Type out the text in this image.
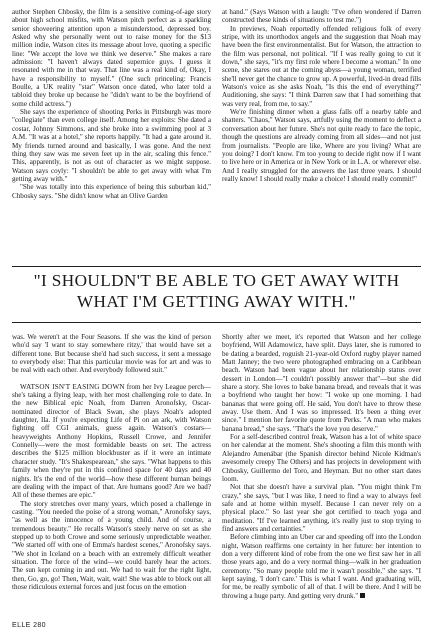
author Stephen Chbosky, the film is a sensitive coming-of-age story about high school misfits, with Watson pitch perfect as a sparkling senior shoveering attention upon a misunderstood, depressed boy. Asked why she personally went out to raise money for the $13 million indie, Watson cites its message about love, quoting a specific line: "We accept the love we think we deserve." She makes a rare admission: "I haven't always dated supernice guys. I guess it resonated with me in that way. That line was a real kind of, Okay, I have a responsibility to myself." (One such princeling: Francis Boulle, a UK reality "star" Watson once dated, who later told a tabloid they broke up because he "didn't want to be the boyfriend of some child actress.")

She says the experience of shooting Perks in Pittsburgh was more "collegiate" than even college itself. Among her exploits: She dated a costar, Johnny Simmons, and she broke into a swimming pool at 3 A.M. "It was at a hotel," she reports happily. "It had a gate around it. My friends turned around and basically, I was gone. And the next thing they saw was me seven feet up in the air, scaling this fence." This, apparently, is not as out of character as we might suppose. Watson says coyly: "I shouldn't be able to get away with what I'm getting away with."

"She was totally into this experience of being this suburban kid," Chbosky says. "She didn't know what an Olive Garden

at hand." (Says Watson with a laugh: "I've often wondered if Darren constructed these kinds of situations to test me.")

In previews, Noah reportedly offended religious folk of every stripe, with its unorthodox angels and the suggestion that Noah may have been the first environmentalist. But for Watson, the attraction to the film was personal, not political. "If I was really going to cut it down," she says, "it's my first role where I become a woman." In one scene, she stares out at the coming abyss—a young woman, terrified she'll never get the chance to grow up. A powerful, lived-in dread fills Watson's voice as she asks Noah, "Is this the end of everything?" Auditioning, she says: "I think Darren saw that I had something that was very real, from me, to say."

We're finishing dinner when a glass falls off a nearby table and shatters. "Chaos," Watson says, artfully using the moment to deflect a conversation about her future. She's not quite ready to face the topic, though the questions are already coming from all sides—and not just from journalists. "People are like, Where are you living? What are you doing? I don't know. I'm too young to decide right now if I want to live here or in America or in New York or in L.A. or wherever else. And I really struggled for the answers the last three years. I should really know! I should really make a choice! I should really commit!"

"I SHOULDN'T BE ABLE TO GET AWAY WITH WHAT I'M GETTING AWAY WITH."

was. We weren't at the Four Seasons. If she was the kind of person who'd say 'I want to stay somewhere ritzy,' that would have set a different tone. But because she'd had such success, it sent a message to everybody else: That this particular movie was for art and was to be real with each other. And everybody followed suit."

WATSON ISN'T EASING DOWN from her Ivy League perch—she's taking a flying leap, with her most challenging role to date. In the new Biblical epic Noah, from Darren Aronofsky, Oscar-nominated director of Black Swan, she plays Noah's adopted daughter, Ila. If you're expecting Life of Pi on an ark, with Watson fighting off CGI animals, guess again. Watson's costars—heavyweights Anthony Hopkins, Russell Crowe, and Jennifer Connelly—were the most formidable beasts on set. The actress describes the $125 million blockbuster as if it were an intimate character study. "It's Shakespearean," she says. "What happens to this family when they're put in this confined space for 40 days and 40 nights. It's the end of the world—how these different human beings are dealing with the impact of that. Are humans good? Are we bad? All of these themes are epic."

The story stretches over many years, which posed a challenge in casting. "You needed the poise of a strong woman," Aronofsky says, "as well as the innocence of a young child. And of course, a tremendous beauty." He recalls Watson's steely nerve on set as she stepped up to both Crowe and some seriously unpredictable weather. "We started off with one of Emma's hardest scenes," Aronofsky says. "We shot in Iceland on a beach with an extremely difficult weather situation. The force of the wind—we could barely hear the actors. The sun kept coming in and out. We had to wait for the right light, then, Go, go, go! Then, Wait, wait, wait! She was able to block out all those ridiculous external forces and just focus on the emotion

Shortly after we meet, it's reported that Watson and her college boyfriend, Will Adamowicz, have split. Days later, she is rumored to be dating a bearded, roguish 21-year-old Oxford rugby player named Matt Janney; the two were photographed embracing on a Caribbean beach. Watson had been vague about her relationship status over dessert in London—"I couldn't possibly answer that"—but she did share a story. She loves to bake banana bread, and reveals that it was a boyfriend who taught her how: "I woke up one morning. I had bananas that were going off. He said, You don't have to throw these away. Use them. And I was so impressed. It's been a thing ever since." I mention her favorite quote from Perks. "A man who makes banana bread," she says. "That's the love you deserve."

For a self-described control freak, Watson has a lot of white space on her calendar at the moment. She's shooting a film this month with Alejandro Amenábar (the Spanish director behind Nicole Kidman's awesomely creepy The Others) and has projects in development with Chbosky, Guillermo del Toro, and Heyman. But no other start dates loom.

Not that she doesn't have a survival plan. "You might think I'm crazy," she says, "but I was like, I need to find a way to always feel safe and at home within myself. Because I can never rely on a physical place." So last year she got certified to teach yoga and meditation. "If I've learned anything, it's really just to stop trying to find answers and certainties."

Before climbing into an Uber car and speeding off into the London night, Watson reaffirms one certainty in her future: her intention to don a very different kind of robe from the one we first saw her in all those years ago, and do a very normal thing—walk in her graduation ceremony. "So many people told me it wasn't possible," she says. "I kept saying, 'I don't care.' This is what I want. And graduating will, for me, be really symbolic of all of that. I will be there. And I will be throwing a huge party. And getting very drunk."

ELLE 280
